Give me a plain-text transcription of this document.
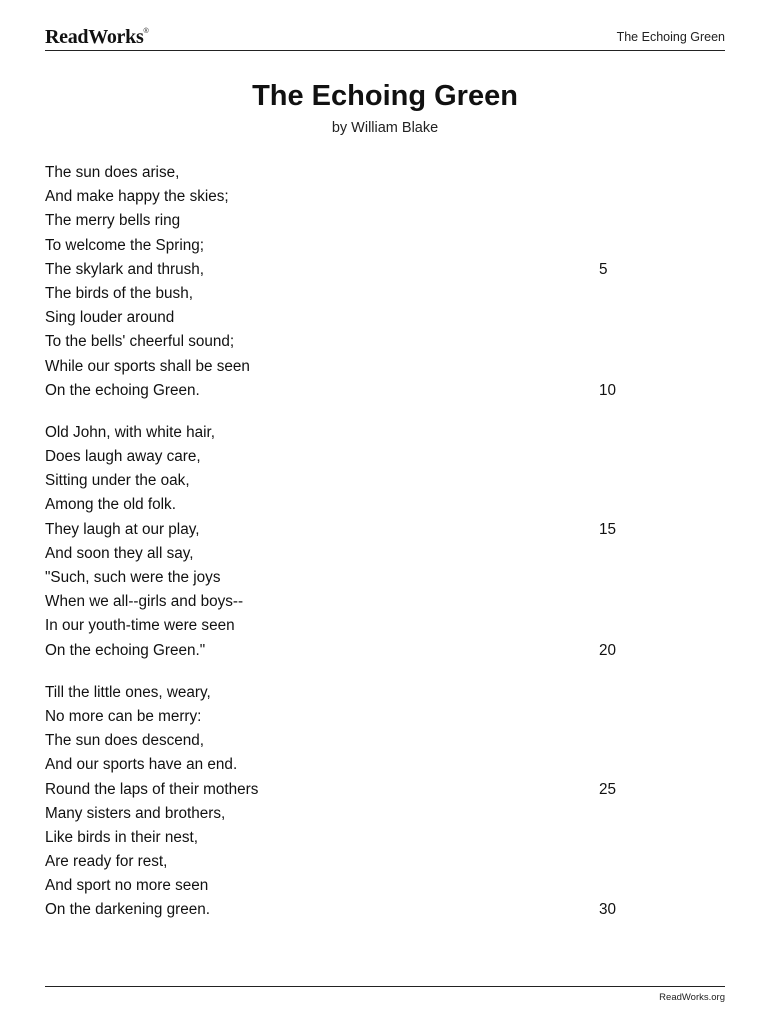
ReadWorks®	The Echoing Green
The Echoing Green
by William Blake
The sun does arise,
And make happy the skies;
The merry bells ring
To welcome the Spring;
The skylark and thrush,	5
The birds of the bush,
Sing louder around
To the bells' cheerful sound;
While our sports shall be seen
On the echoing Green.	10
Old John, with white hair,
Does laugh away care,
Sitting under the oak,
Among the old folk.
They laugh at our play,	15
And soon they all say,
"Such, such were the joys
When we all--girls and boys--
In our youth-time were seen
On the echoing Green."	20
Till the little ones, weary,
No more can be merry:
The sun does descend,
And our sports have an end.
Round the laps of their mothers	25
Many sisters and brothers,
Like birds in their nest,
Are ready for rest,
And sport no more seen
On the darkening green.	30
ReadWorks.org
